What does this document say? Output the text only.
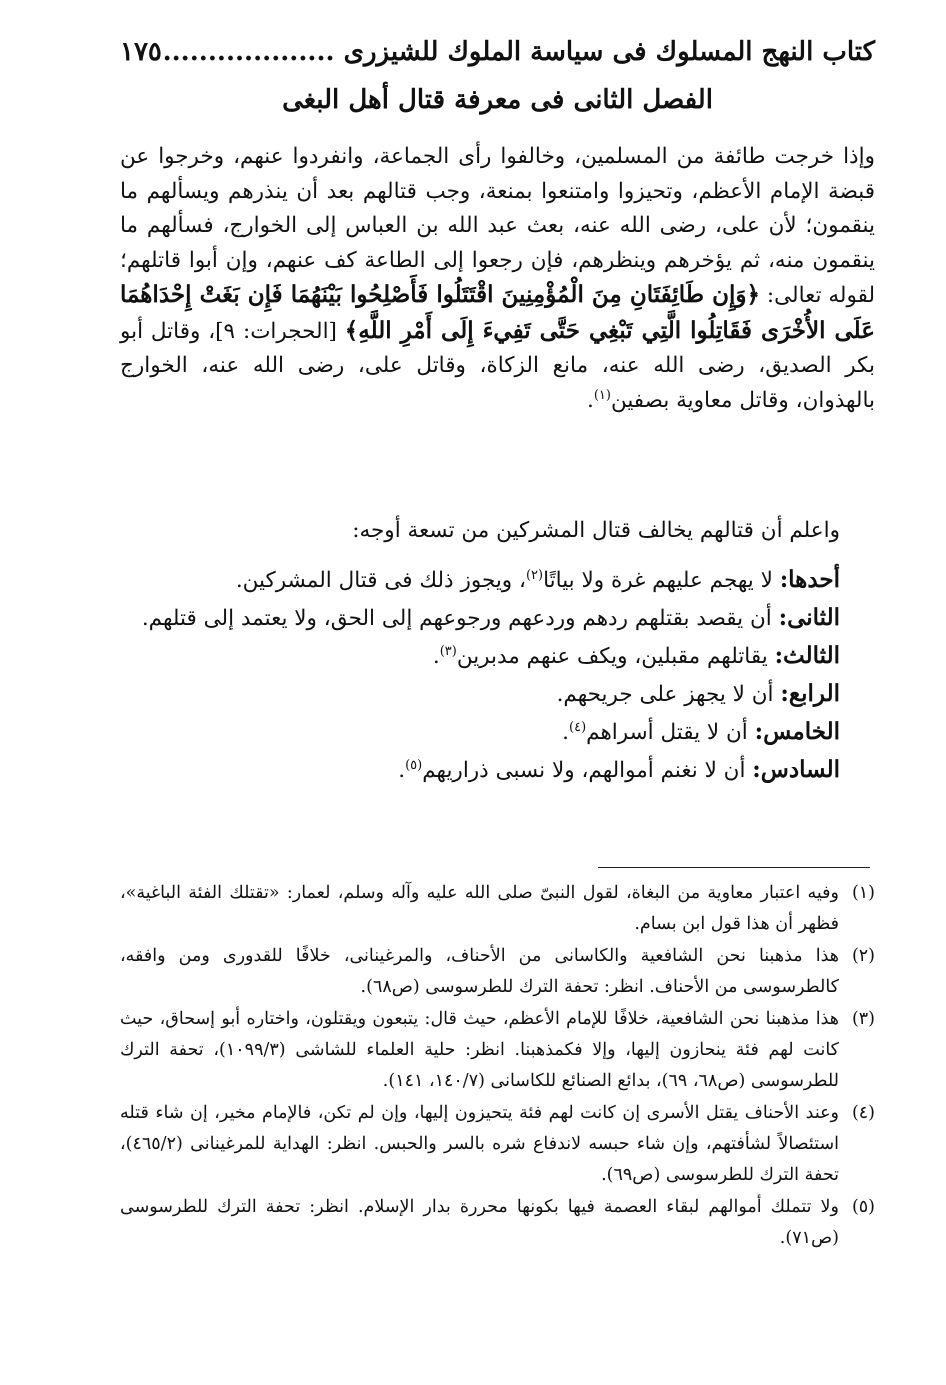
كتاب النهج المسلوك فى سياسة الملوك للشيزرى ...................
١٧٥
الفصل الثانى فى معرفة قتال أهل البغى

وإذا خرجت طائفة من المسلمين، وخالفوا رأى الجماعة، وانفردوا عنهم، وخرجوا عن قبضة الإمام الأعظم، وتحيزوا وامتنعوا بمنعة، وجب قتالهم بعد أن ينذرهم ويسألهم ما ينقمون؛ لأن على، رضى الله عنه، بعث عبد الله بن العباس إلى الخوارج، فسألهم ما ينقمون منه، ثم يؤخرهم وينظرهم، فإن رجعوا إلى الطاعة كف عنهم، وإن أبوا قاتلهم؛ لقوله تعالى: ﴿وَإِن طَائِفَتَانِ مِنَ الْمُؤْمِنِينَ اقْتَتَلُوا فَأَصْلِحُوا بَيْنَهُمَا فَإِن بَغَتْ إِحْدَاهُمَا عَلَى الأُخْرَى فَقَاتِلُوا الَّتِي تَبْغِي حَتَّى تَفِيءَ إِلَى أَمْرِ اللَّهِ﴾ [الحجرات: ٩]، وقاتل أبو بكر الصديق، رضى الله عنه، مانع الزكاة، وقاتل على، رضى الله عنه، الخوارج بالهذوان، وقاتل معاوية بصفين$^{(١)}$.

واعلم أن قتالهم يخالف قتال المشركين من تسعة أوجه:
أحدها: لا يهجم عليهم غرة ولا بياتًا$^{(٢)}$، ويجوز ذلك فى قتال المشركين.
الثانى: أن يقصد بقتلهم ردهم وردعهم ورجوعهم إلى الحق، ولا يعتمد إلى قتلهم.
الثالث: يقاتلهم مقبلين، ويكف عنهم مدبرين$^{(٣)}$.
الرابع: أن لا يجهز على جريحهم.
الخامس: أن لا يقتل أسراهم$^{(٤)}$.
السادس: أن لا نغنم أموالهم، ولا نسبى ذراريهم$^{(٥)}$.

(١)
وفيه اعتبار معاوية من البغاة، لقول النبىّ صلى الله عليه وآله وسلم، لعمار: «تقتلك الفئة الباغية»، فظهر أن هذا قول ابن بسام.

(٢)
هذا مذهبنا نحن الشافعية والكاسانى من الأحناف، والمرغينانى، خلافًا للقدورى ومن وافقه، كالطرسوسى من الأحناف. انظر: تحفة الترك للطرسوسى (ص٦٨).

(٣)
هذا مذهبنا نحن الشافعية، خلافًا للإمام الأعظم، حيث قال: يتبعون ويقتلون، واختاره أبو إسحاق، حيث كانت لهم فئة ينحازون إليها، وإلا فكمذهبنا. انظر: حلية العلماء للشاشى (١٠٩٩/٣)، تحفة الترك للطرسوسى (ص٦٨، ٦٩)، بدائع الصنائع للكاسانى (١٤٠/٧، ١٤١).

(٤)
وعند الأحناف يقتل الأسرى إن كانت لهم فئة يتحيزون إليها، وإن لم تكن، فالإمام مخير، إن شاء قتله استئصالاً لشأفتهم، وإن شاء حبسه لاندفاع شره بالسر والحبس. انظر: الهداية للمرغينانى (٤٦٥/٢)، تحفة الترك للطرسوسى (ص٦٩).

(٥)
ولا تتملك أموالهم لبقاء العصمة فيها بكونها محررة بدار الإسلام. انظر: تحفة الترك للطرسوسى (ص٧١).
